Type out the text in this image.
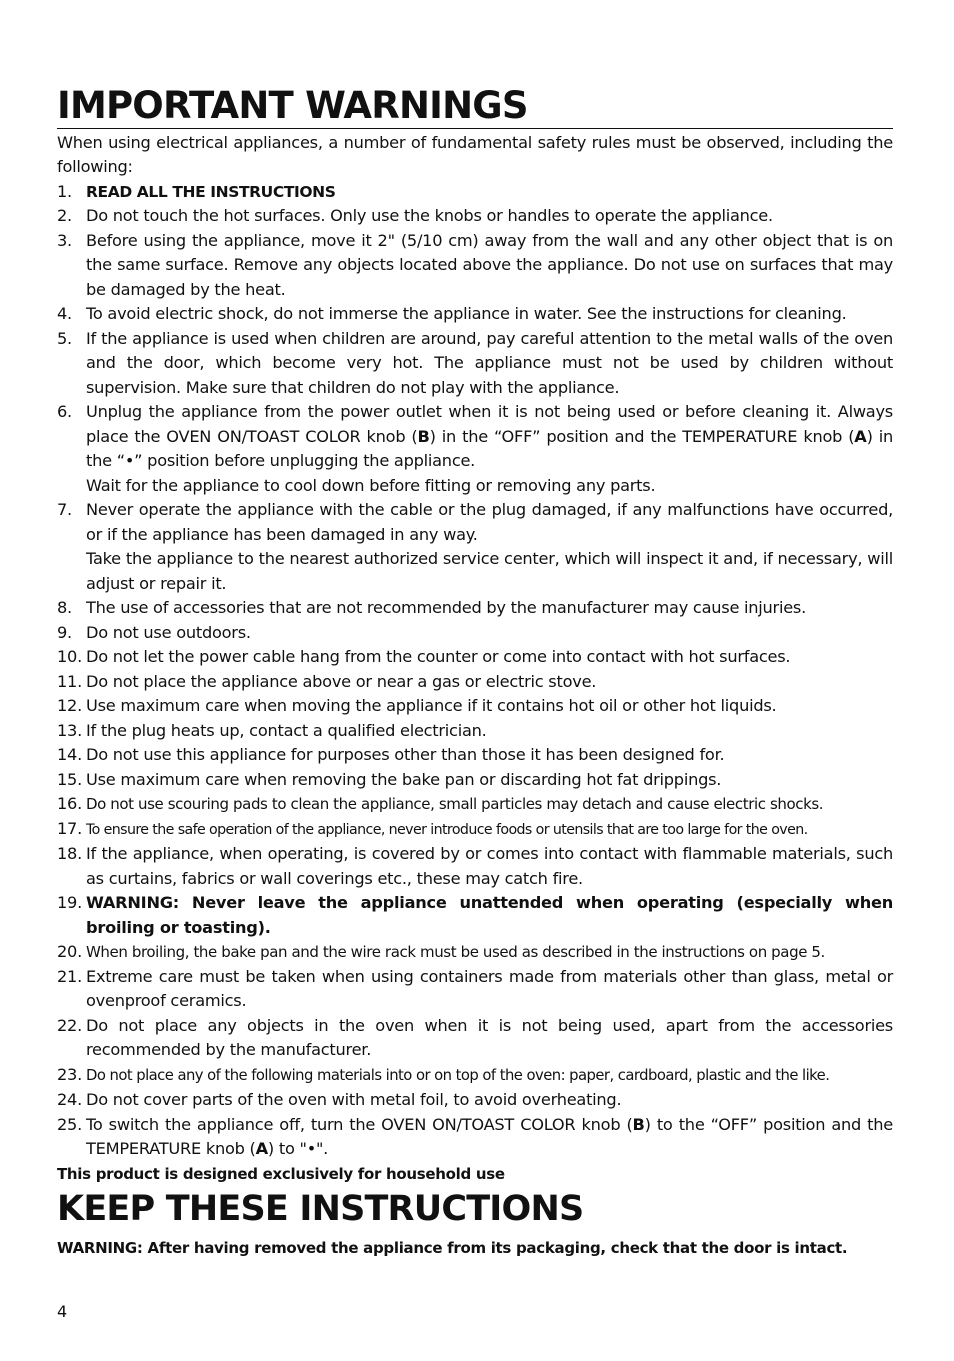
IMPORTANT WARNINGS

When using electrical appliances, a number of fundamental safety rules must be observed, including the following:

1. READ ALL THE INSTRUCTIONS
2. Do not touch the hot surfaces. Only use the knobs or handles to operate the appliance.
3. Before using the appliance, move it 2" (5/10 cm) away from the wall and any other object that is on the same surface. Remove any objects located above the appliance. Do not use on surfaces that may be damaged by the heat.
4. To avoid electric shock, do not immerse the appliance in water. See the instructions for cleaning.
5. If the appliance is used when children are around, pay careful attention to the metal walls of the oven and the door, which become very hot. The appliance must not be used by children without supervision. Make sure that children do not play with the appliance.
6. Unplug the appliance from the power outlet when it is not being used or before cleaning it. Always place the OVEN ON/TOAST COLOR knob (B) in the “OFF” position and the TEMPERATURE knob (A) in the “•” position before unplugging the appliance.
Wait for the appliance to cool down before fitting or removing any parts.
7. Never operate the appliance with the cable or the plug damaged, if any malfunctions have occurred, or if the appliance has been damaged in any way.
Take the appliance to the nearest authorized service center, which will inspect it and, if necessary, will adjust or repair it.
8. The use of accessories that are not recommended by the manufacturer may cause injuries.
9. Do not use outdoors.
10. Do not let the power cable hang from the counter or come into contact with hot surfaces.
11. Do not place the appliance above or near a gas or electric stove.
12. Use maximum care when moving the appliance if it contains hot oil or other hot liquids.
13. If the plug heats up, contact a qualified electrician.
14. Do not use this appliance for purposes other than those it has been designed for.
15. Use maximum care when removing the bake pan or discarding hot fat drippings.
16. Do not use scouring pads to clean the appliance, small particles may detach and cause electric shocks.
17. To ensure the safe operation of the appliance, never introduce foods or utensils that are too large for the oven.
18. If the appliance, when operating, is covered by or comes into contact with flammable materials, such as curtains, fabrics or wall coverings etc., these may catch fire.
19. WARNING: Never leave the appliance unattended when operating (especially when broiling or toasting).
20. When broiling, the bake pan and the wire rack must be used as described in the instructions on page 5.
21. Extreme care must be taken when using containers made from materials other than glass, metal or ovenproof ceramics.
22. Do not place any objects in the oven when it is not being used, apart from the accessories recommended by the manufacturer.
23. Do not place any of the following materials into or on top of the oven: paper, cardboard, plastic and the like.
24. Do not cover parts of the oven with metal foil, to avoid overheating.
25. To switch the appliance off, turn the OVEN ON/TOAST COLOR knob (B) to the “OFF” position and the TEMPERATURE knob (A) to "•".

This product is designed exclusively for household use

KEEP THESE INSTRUCTIONS

WARNING: After having removed the appliance from its packaging, check that the door is intact.

4
